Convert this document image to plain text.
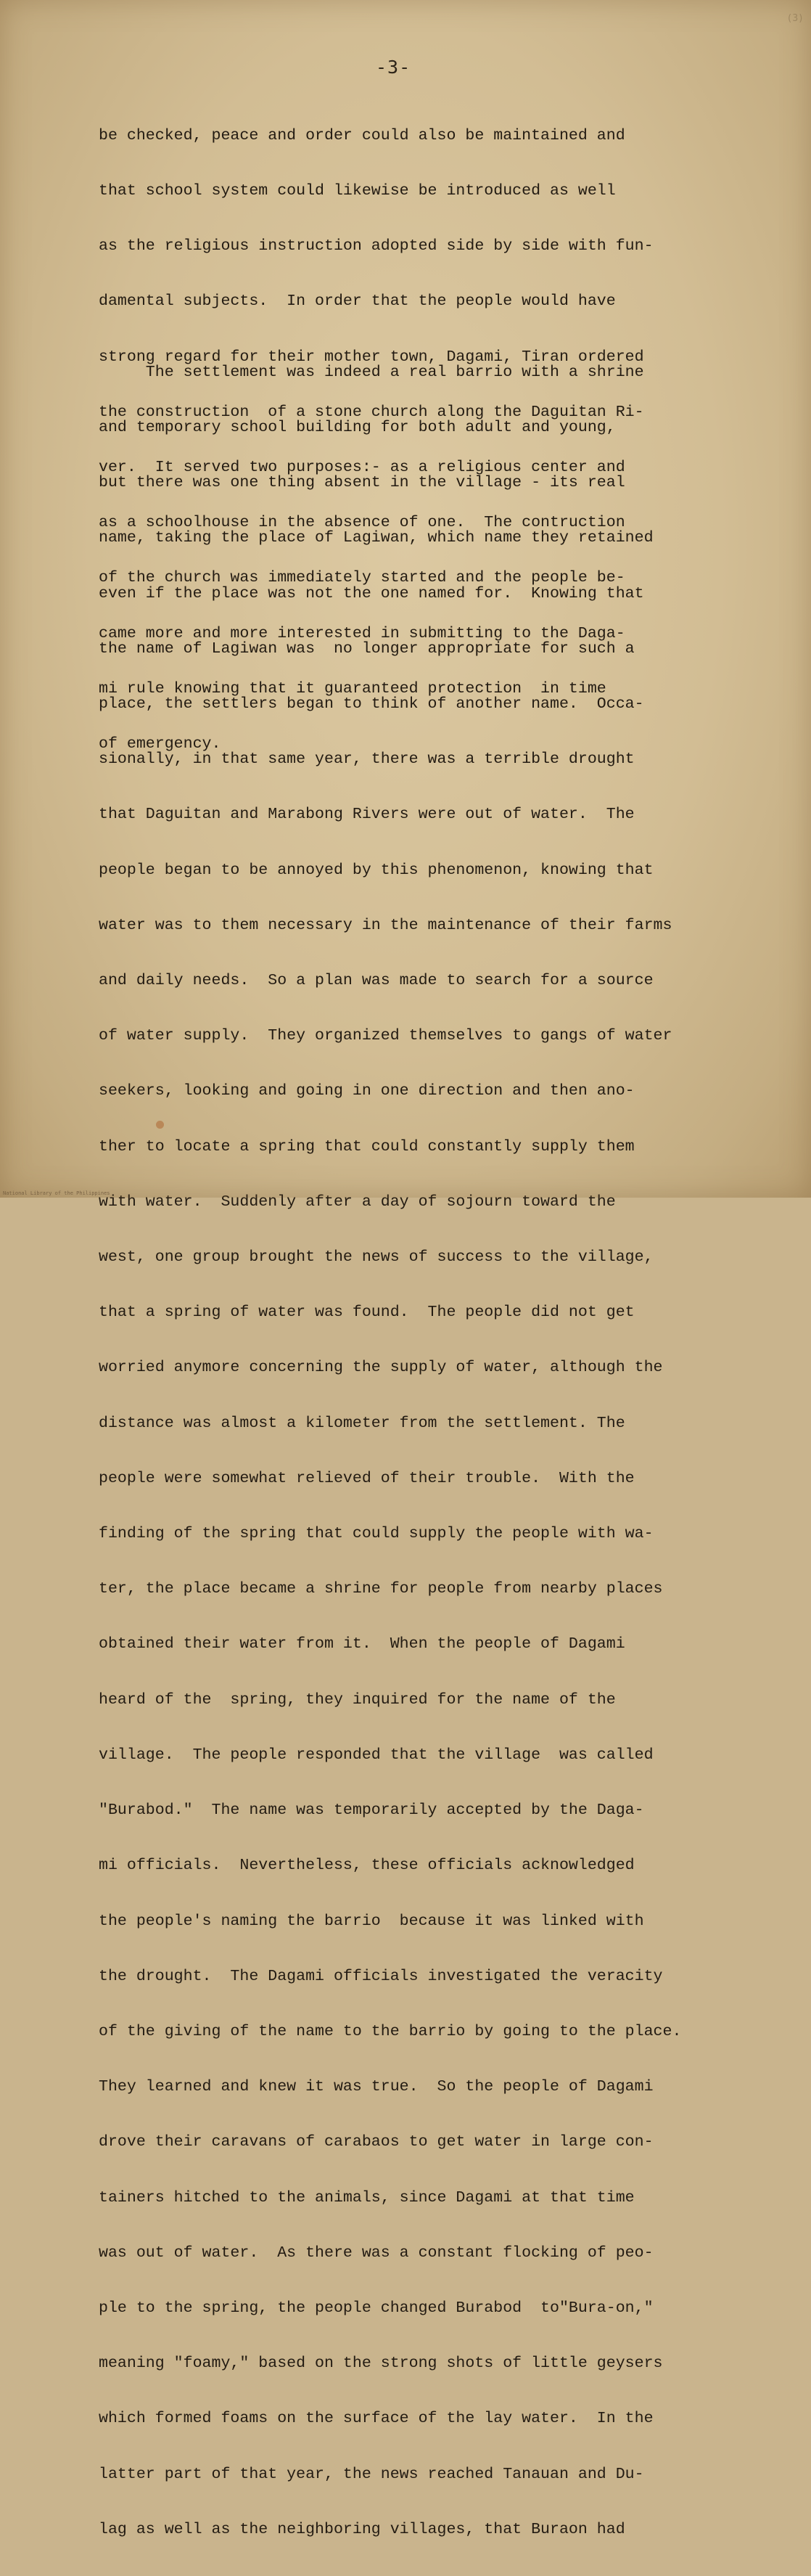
(3)
-3-

be checked, peace and order could also be maintained and

that school system could likewise be introduced as well

as the religious instruction adopted side by side with fun-

damental subjects.  In order that the people would have

strong regard for their mother town, Dagami, Tiran ordered

the construction  of a stone church along the Daguitan Ri-

ver.  It served two purposes:- as a religious center and

as a schoolhouse in the absence of one.  The contruction

of the church was immediately started and the people be-

came more and more interested in submitting to the Daga-

mi rule knowing that it guaranteed protection  in time

of emergency.

The settlement was indeed a real barrio with a shrine

and temporary school building for both adult and young,

but there was one thing absent in the village - its real

name, taking the place of Lagiwan, which name they retained

even if the place was not the one named for.  Knowing that

the name of Lagiwan was  no longer appropriate for such a

place, the settlers began to think of another name.  Occa-

sionally, in that same year, there was a terrible drought

that Daguitan and Marabong Rivers were out of water.  The

people began to be annoyed by this phenomenon, knowing that

water was to them necessary in the maintenance of their farms

and daily needs.  So a plan was made to search for a source

of water supply.  They organized themselves to gangs of water

seekers, looking and going in one direction and then ano-

ther to locate a spring that could constantly supply them

with water.  Suddenly after a day of sojourn toward the

west, one group brought the news of success to the village,

that a spring of water was found.  The people did not get

worried anymore concerning the supply of water, although the

distance was almost a kilometer from the settlement. The

people were somewhat relieved of their trouble.  With the

finding of the spring that could supply the people with wa-

ter, the place became a shrine for people from nearby places

obtained their water from it.  When the people of Dagami

heard of the  spring, they inquired for the name of the

village.  The people responded that the village  was called

"Burabod."  The name was temporarily accepted by the Daga-

mi officials.  Nevertheless, these officials acknowledged

the people's naming the barrio  because it was linked with

the drought.  The Dagami officials investigated the veracity

of the giving of the name to the barrio by going to the place.

They learned and knew it was true.  So the people of Dagami

drove their caravans of carabaos to get water in large con-

tainers hitched to the animals, since Dagami at that time

was out of water.  As there was a constant flocking of peo-

ple to the spring, the people changed Burabod  to"Bura-on,"

meaning "foamy," based on the strong shots of little geysers

which formed foams on the surface of the lay water.  In the

latter part of that year, the news reached Tanauan and Du-

lag as well as the neighboring villages, that Buraon had

National Library of the Philippines
